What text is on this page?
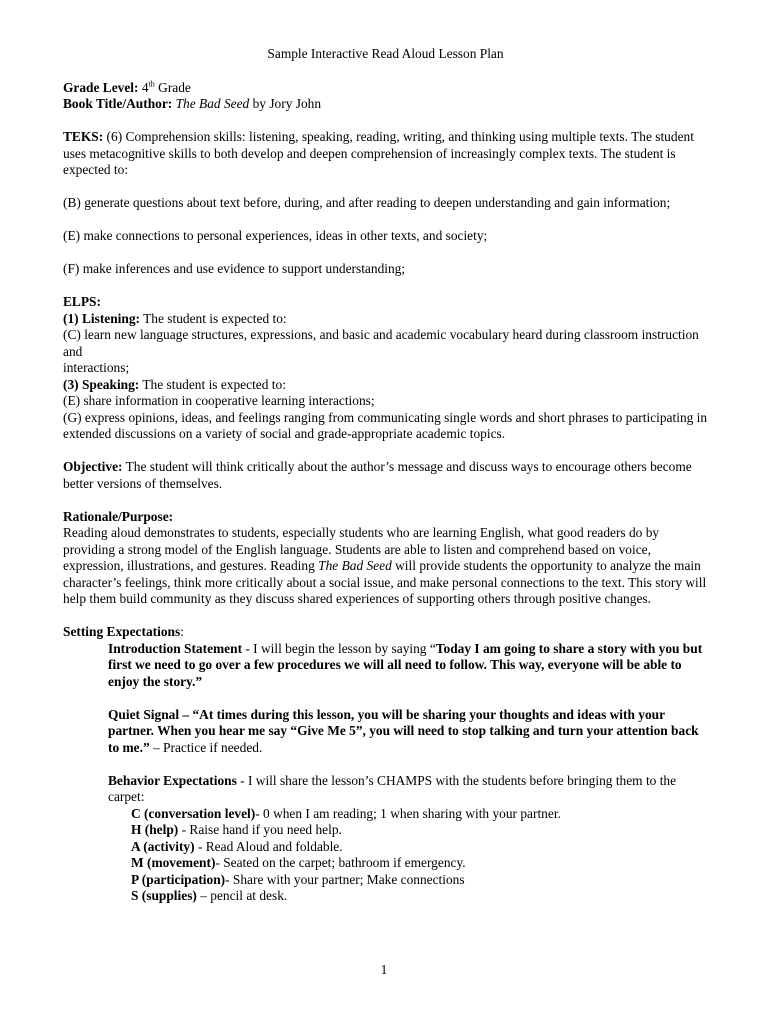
Sample Interactive Read Aloud Lesson Plan

Grade Level: 4th Grade

Book Title/Author: The Bad Seed by Jory John

TEKS: (6) Comprehension skills: listening, speaking, reading, writing, and thinking using multiple texts. The student uses metacognitive skills to both develop and deepen comprehension of increasingly complex texts. The student is expected to:

(B) generate questions about text before, during, and after reading to deepen understanding and gain information;

(E) make connections to personal experiences, ideas in other texts, and society;

(F) make inferences and use evidence to support understanding;

ELPS:

(1) Listening: The student is expected to:

(C) learn new language structures, expressions, and basic and academic vocabulary heard during classroom instruction and

interactions;

(3) Speaking: The student is expected to:

(E) share information in cooperative learning interactions;

(G) express opinions, ideas, and feelings ranging from communicating single words and short phrases to participating in extended discussions on a variety of social and grade-appropriate academic topics.

Objective: The student will think critically about the author’s message and discuss ways to encourage others become better versions of themselves.

Rationale/Purpose:

Reading aloud demonstrates to students, especially students who are learning English, what good readers do by providing a strong model of the English language. Students are able to listen and comprehend based on voice, expression, illustrations, and gestures. Reading The Bad Seed will provide students the opportunity to analyze the main character’s feelings, think more critically about a social issue, and make personal connections to the text. This story will help them build community as they discuss shared experiences of supporting others through positive changes.

Setting Expectations:

Introduction Statement - I will begin the lesson by saying “Today I am going to share a story with you but first we need to go over a few procedures we will all need to follow. This way, everyone will be able to enjoy the story.”

Quiet Signal – “At times during this lesson, you will be sharing your thoughts and ideas with your partner. When you hear me say “Give Me 5”, you will need to stop talking and turn your attention back to me.” – Practice if needed.

Behavior Expectations - I will share the lesson’s CHAMPS with the students before bringing them to the carpet:

C (conversation level)- 0 when I am reading; 1 when sharing with your partner.

H (help) - Raise hand if you need help.

A (activity) - Read Aloud and foldable.

M (movement)- Seated on the carpet; bathroom if emergency.

P (participation)- Share with your partner; Make connections

S (supplies) – pencil at desk.

1
